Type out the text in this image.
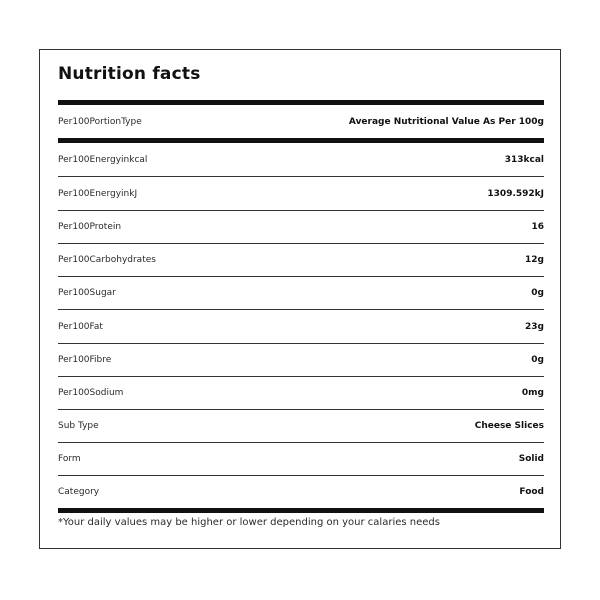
Nutrition facts
Per100PortionType	Average Nutritional Value As Per 100g
Per100Energyinkcal	313kcal
Per100EnergyinkJ	1309.592kJ
Per100Protein	16
Per100Carbohydrates	12g
Per100Sugar	0g
Per100Fat	23g
Per100Fibre	0g
Per100Sodium	0mg
Sub Type	Cheese Slices
Form	Solid
Category	Food
*Your daily values may be higher or lower depending on your calaries needs
